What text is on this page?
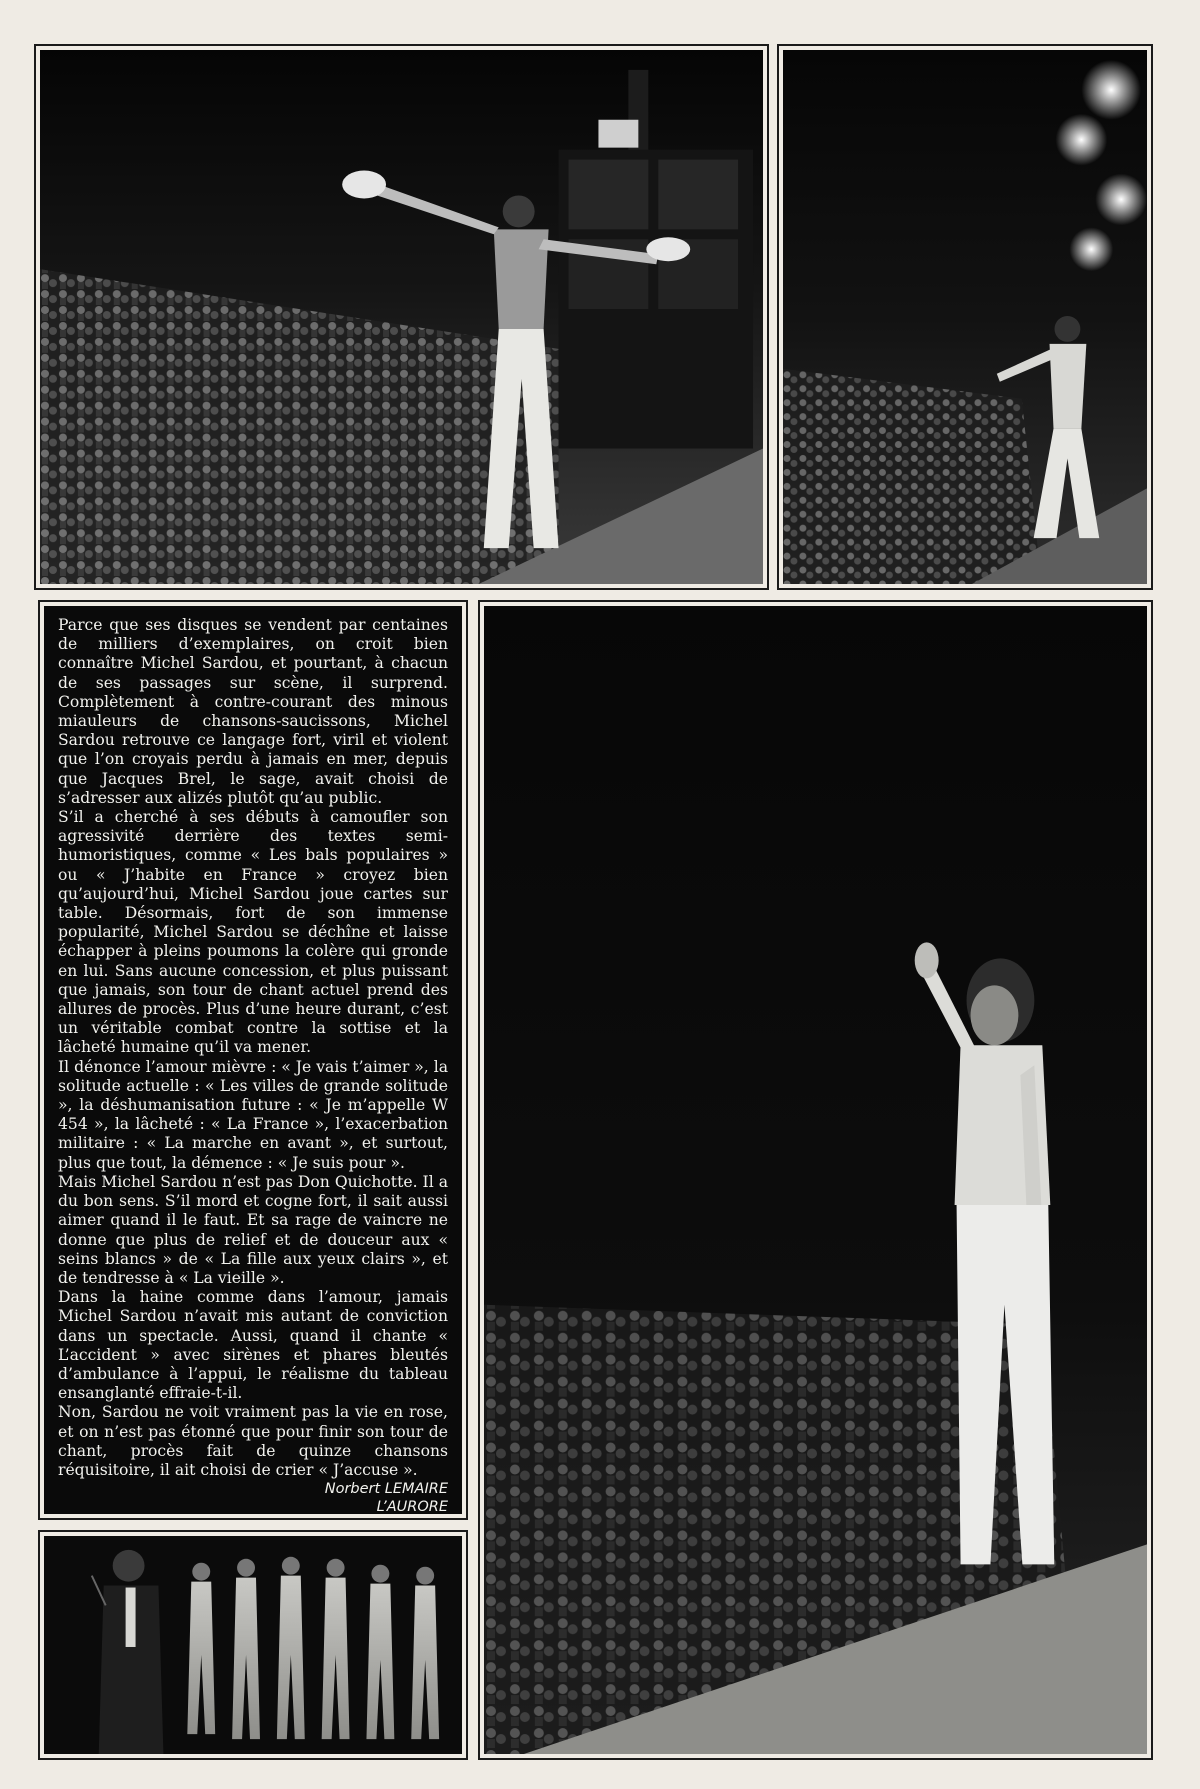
Parce que ses disques se vendent par centaines de milliers d’exemplaires, on croit bien connaître Michel Sardou, et pourtant, à chacun de ses passages sur scène, il surprend. Complètement à contre-courant des minous miauleurs de chansons-saucissons, Michel Sardou retrouve ce langage fort, viril et violent que l’on croyais perdu à jamais en mer, depuis que Jacques Brel, le sage, avait choisi de s’adresser aux alizés plutôt qu’au public.

S’il a cherché à ses débuts à camoufler son agressivité derrière des textes semi-humoristiques, comme « Les bals populaires » ou « J’habite en France » croyez bien qu’aujourd’hui, Michel Sardou joue cartes sur table. Désormais, fort de son immense popularité, Michel Sardou se déchîne et laisse échapper à pleins poumons la colère qui gronde en lui. Sans aucune concession, et plus puissant que jamais, son tour de chant actuel prend des allures de procès. Plus d’une heure durant, c’est un véritable combat contre la sottise et la lâcheté humaine qu’il va mener.

Il dénonce l’amour mièvre : « Je vais t’aimer », la solitude actuelle : « Les villes de grande solitude », la déshumanisation future : « Je m’appelle W 454 », la lâcheté : « La France », l’exacerbation militaire : « La marche en avant », et surtout, plus que tout, la démence : « Je suis pour ».

Mais Michel Sardou n’est pas Don Quichotte. Il a du bon sens. S’il mord et cogne fort, il sait aussi aimer quand il le faut. Et sa rage de vaincre ne donne que plus de relief et de douceur aux « seins blancs » de « La fille aux yeux clairs », et de tendresse à « La vieille ».

Dans la haine comme dans l’amour, jamais Michel Sardou n’avait mis autant de conviction dans un spectacle. Aussi, quand il chante « L’accident » avec sirènes et phares bleutés d’ambulance à l’appui, le réalisme du tableau ensanglanté effraie-t-il.

Non, Sardou ne voit vraiment pas la vie en rose, et on n’est pas étonné que pour finir son tour de chant, procès fait de quinze chansons réquisitoire, il ait choisi de crier « J’accuse ».

Norbert LEMAIRE
L’AURORE
